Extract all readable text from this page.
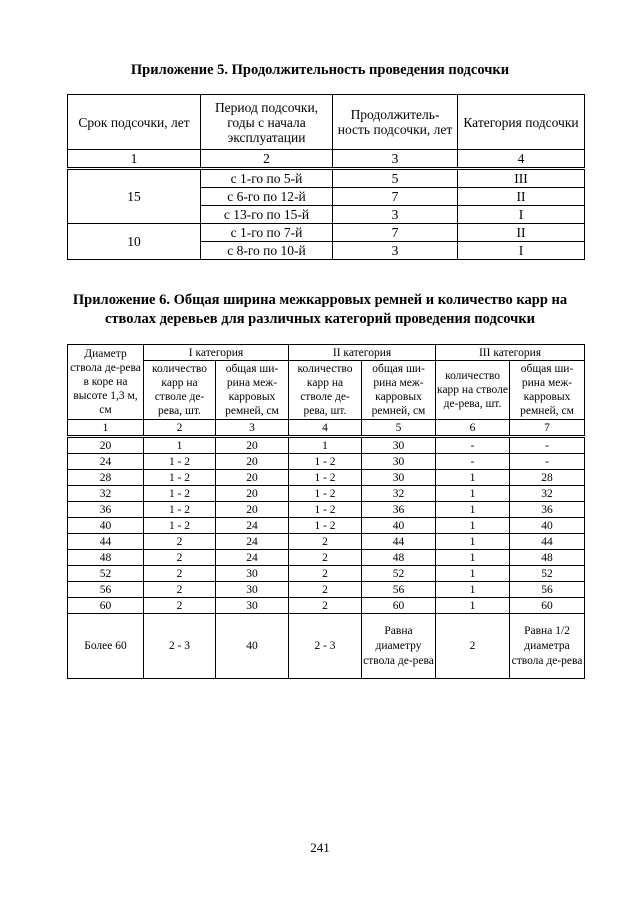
Приложение 5. Продолжительность проведения подсочки
Срок подсочки, лет	Период подсочки, годы с начала эксплуатации	Продолжитель-ность подсочки, лет	Категория подсочки
1	2	3	4
15	с 1-го по 5-й	5	III
	с 6-го по 12-й	7	II
	с 13-го по 15-й	3	I
10	с 1-го по 7-й	7	II
	с 8-го по 10-й	3	I
Приложение 6. Общая ширина межкарровых ремней и количество карр на
стволах деревьев для различных категорий проведения подсочки
Диаметр ствола де-рева в коре на высоте 1,3 м, см	I категория		II категория		III категория	
	количество карр на стволе де-рева, шт.	общая ши-рина меж-карровых ремней, см	количество карр на стволе де-рева, шт.	общая ши-рина меж-карровых ремней, см	количество карр на стволе де-рева, шт.	общая ши-рина меж-карровых ремней, см
1	2	3	4	5	6	7
20	1	20	1	30	-	-
24	1 - 2	20	1 - 2	30	-	-
28	1 - 2	20	1 - 2	30	1	28
32	1 - 2	20	1 - 2	32	1	32
36	1 - 2	20	1 - 2	36	1	36
40	1 - 2	24	1 - 2	40	1	40
44	2	24	2	44	1	44
48	2	24	2	48	1	48
52	2	30	2	52	1	52
56	2	30	2	56	1	56
60	2	30	2	60	1	60
Более 60	2 - 3	40	2 - 3	Равна диаметру ствола де-рева	2	Равна 1/2 диаметра ствола де-рева
241
